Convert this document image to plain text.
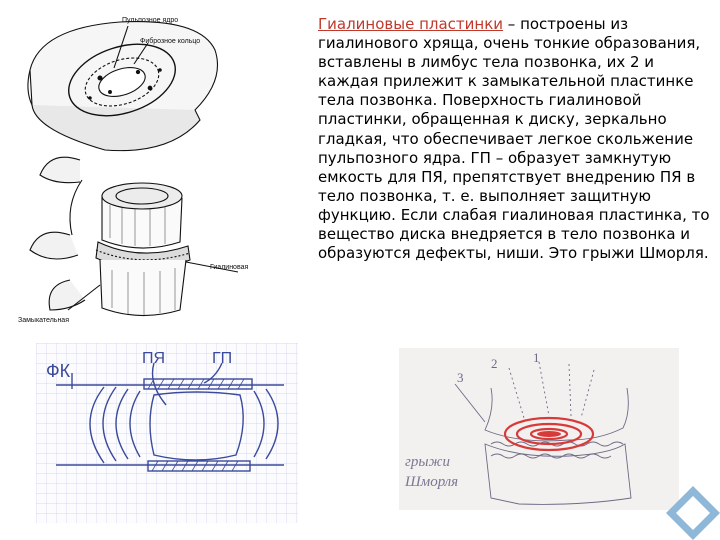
Пульпозное ядро
Фиброзное кольцо
Гиалиновая
Замыкательная

Гиалиновые пластинки – построены из гиалинового хряща, очень тонкие образования, вставлены в лимбус тела позвонка, их 2 и каждая прилежит к замыкательной пластинке тела позвонка. Поверхность гиалиновой пластинки, обращенная к диску, зеркально гладкая, что обеспечивает легкое скольжение пульпозного ядра. ГП – образует замкнутую емкость для ПЯ, препятствует внедрению ПЯ в тело позвонка, т. е. выполняет защитную функцию. Если слабая гиалиновая пластинка, то вещество диска внедряется в тело позвонка и образуются дефекты, ниши. Это грыжи Шморля.

ФК
ПЯ	ГП
3
2	1
грыжи
Шморля
